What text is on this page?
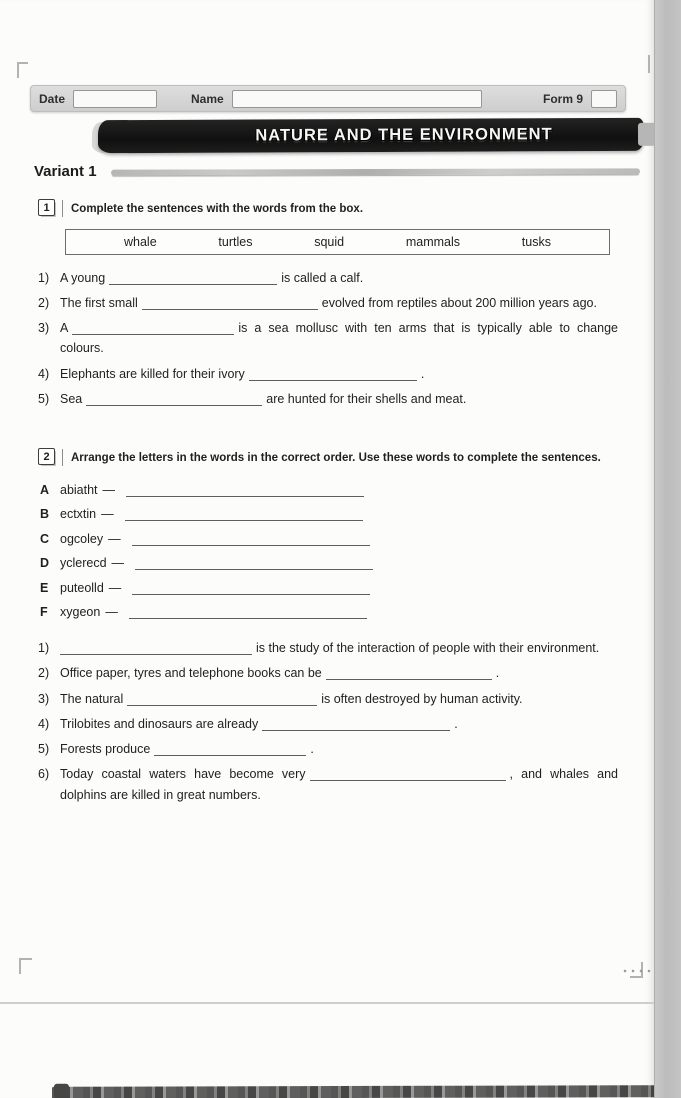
Date	Name	Form 9
NATURE AND THE ENVIRONMENT
Variant 1
1	Complete the sentences with the words from the box.
whale	turtles	squid	mammals	tusks
1) A young	is called a calf.
2) The first small	evolved from reptiles about 200 million years ago.
3) A	is a sea mollusc with ten arms that is typically able to change colours.
4) Elephants are killed for their ivory	.
5) Sea	are hunted for their shells and meat.
2	Arrange the letters in the words in the correct order. Use these words to complete the sentences.
A abiatht —
B ectxtin —
C ogcoley —
D yclerecd —
E puteolld —
F xygeon —
1)	is the study of the interaction of people with their environment.
2) Office paper, tyres and telephone books can be	.
3) The natural	is often destroyed by human activity.
4) Trilobites and dinosaurs are already	.
5) Forests produce	.
6) Today coastal waters have become very	, and whales and dolphins are killed in great numbers.
